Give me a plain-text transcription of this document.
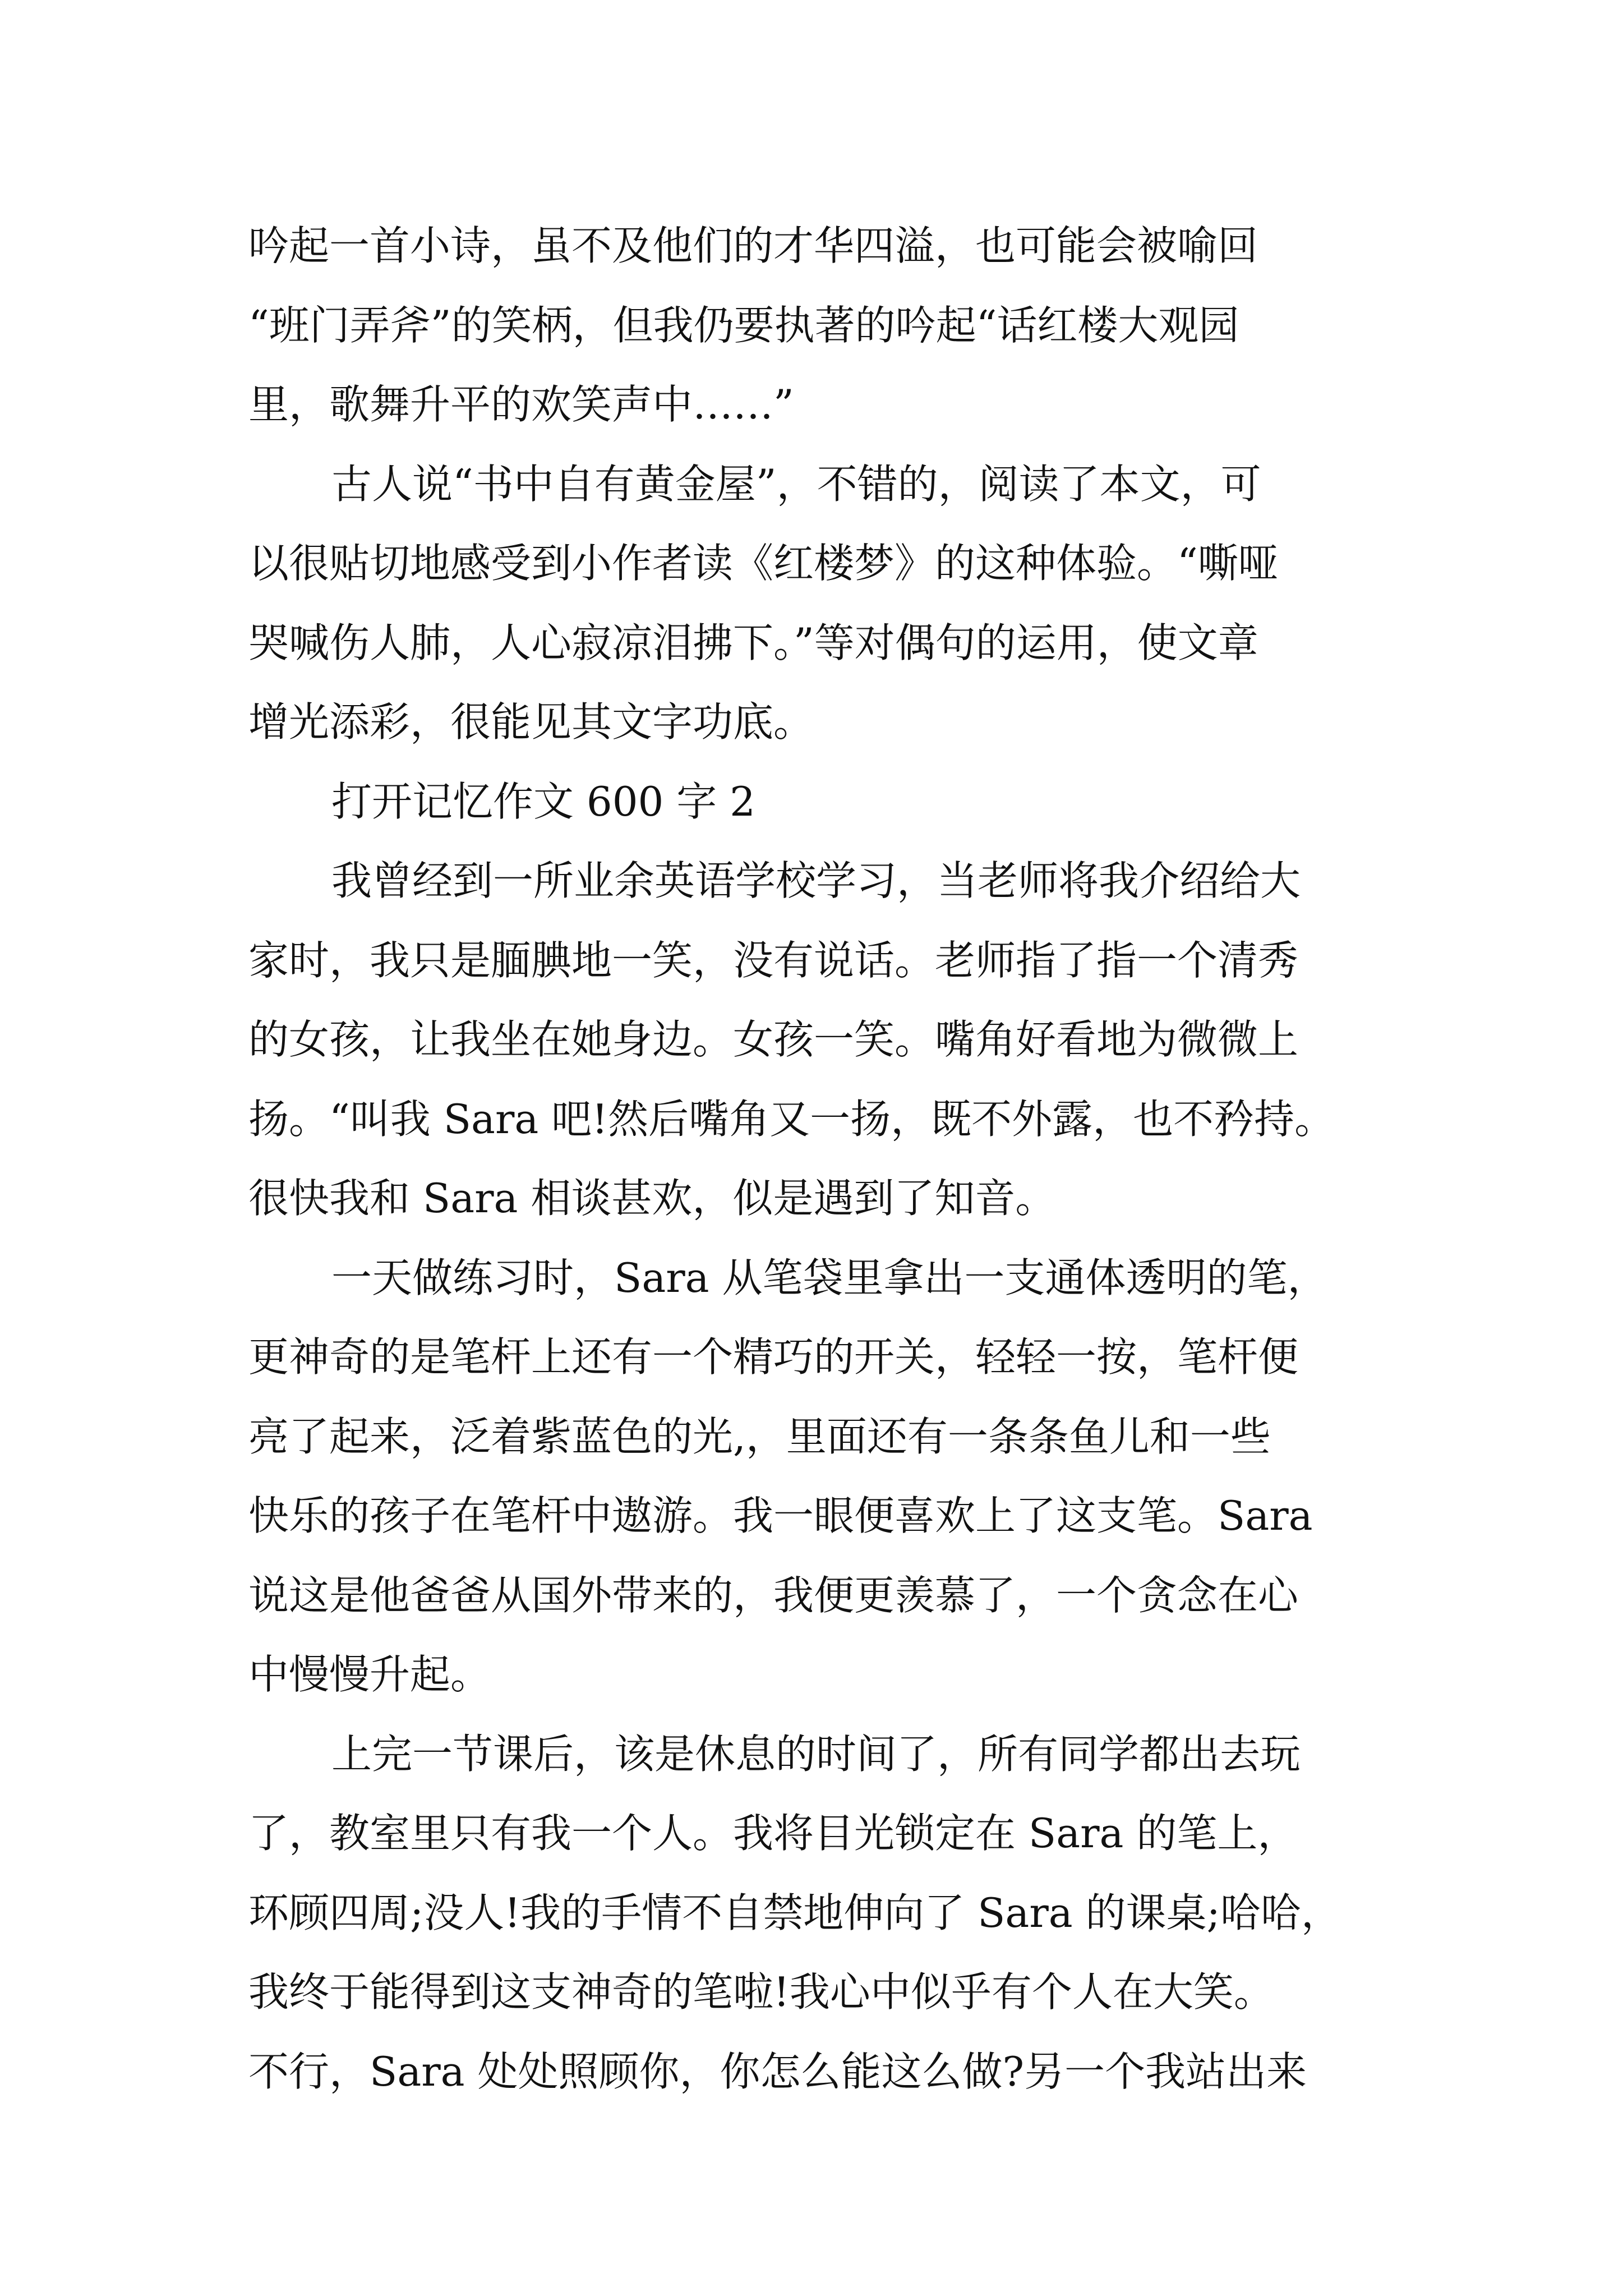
吟起一首小诗，虽不及他们的才华四溢，也可能会被喻回
“班门弄斧”的笑柄，但我仍要执著的吟起“话红楼大观园
里，歌舞升平的欢笑声中……”
古人说“书中自有黄金屋”，不错的，阅读了本文，可
以很贴切地感受到小作者读《红楼梦》的这种体验。“嘶哑
哭喊伤人肺，人心寂凉泪拂下。”等对偶句的运用，使文章
增光添彩，很能见其文字功底。
打开记忆作文 600 字 2
我曾经到一所业余英语学校学习，当老师将我介绍给大
家时，我只是腼腆地一笑，没有说话。老师指了指一个清秀
的女孩，让我坐在她身边。女孩一笑。嘴角好看地为微微上
扬。“叫我 Sara 吧!然后嘴角又一扬，既不外露，也不矜持。
很快我和 Sara 相谈甚欢，似是遇到了知音。
一天做练习时，Sara 从笔袋里拿出一支通体透明的笔，
更神奇的是笔杆上还有一个精巧的开关，轻轻一按，笔杆便
亮了起来，泛着紫蓝色的光,，里面还有一条条鱼儿和一些
快乐的孩子在笔杆中遨游。我一眼便喜欢上了这支笔。Sara
说这是他爸爸从国外带来的，我便更羡慕了，一个贪念在心
中慢慢升起。
上完一节课后，该是休息的时间了，所有同学都出去玩
了，教室里只有我一个人。我将目光锁定在 Sara 的笔上，
环顾四周;没人!我的手情不自禁地伸向了 Sara 的课桌;哈哈，
我终于能得到这支神奇的笔啦!我心中似乎有个人在大笑。
不行，Sara 处处照顾你，你怎么能这么做?另一个我站出来
